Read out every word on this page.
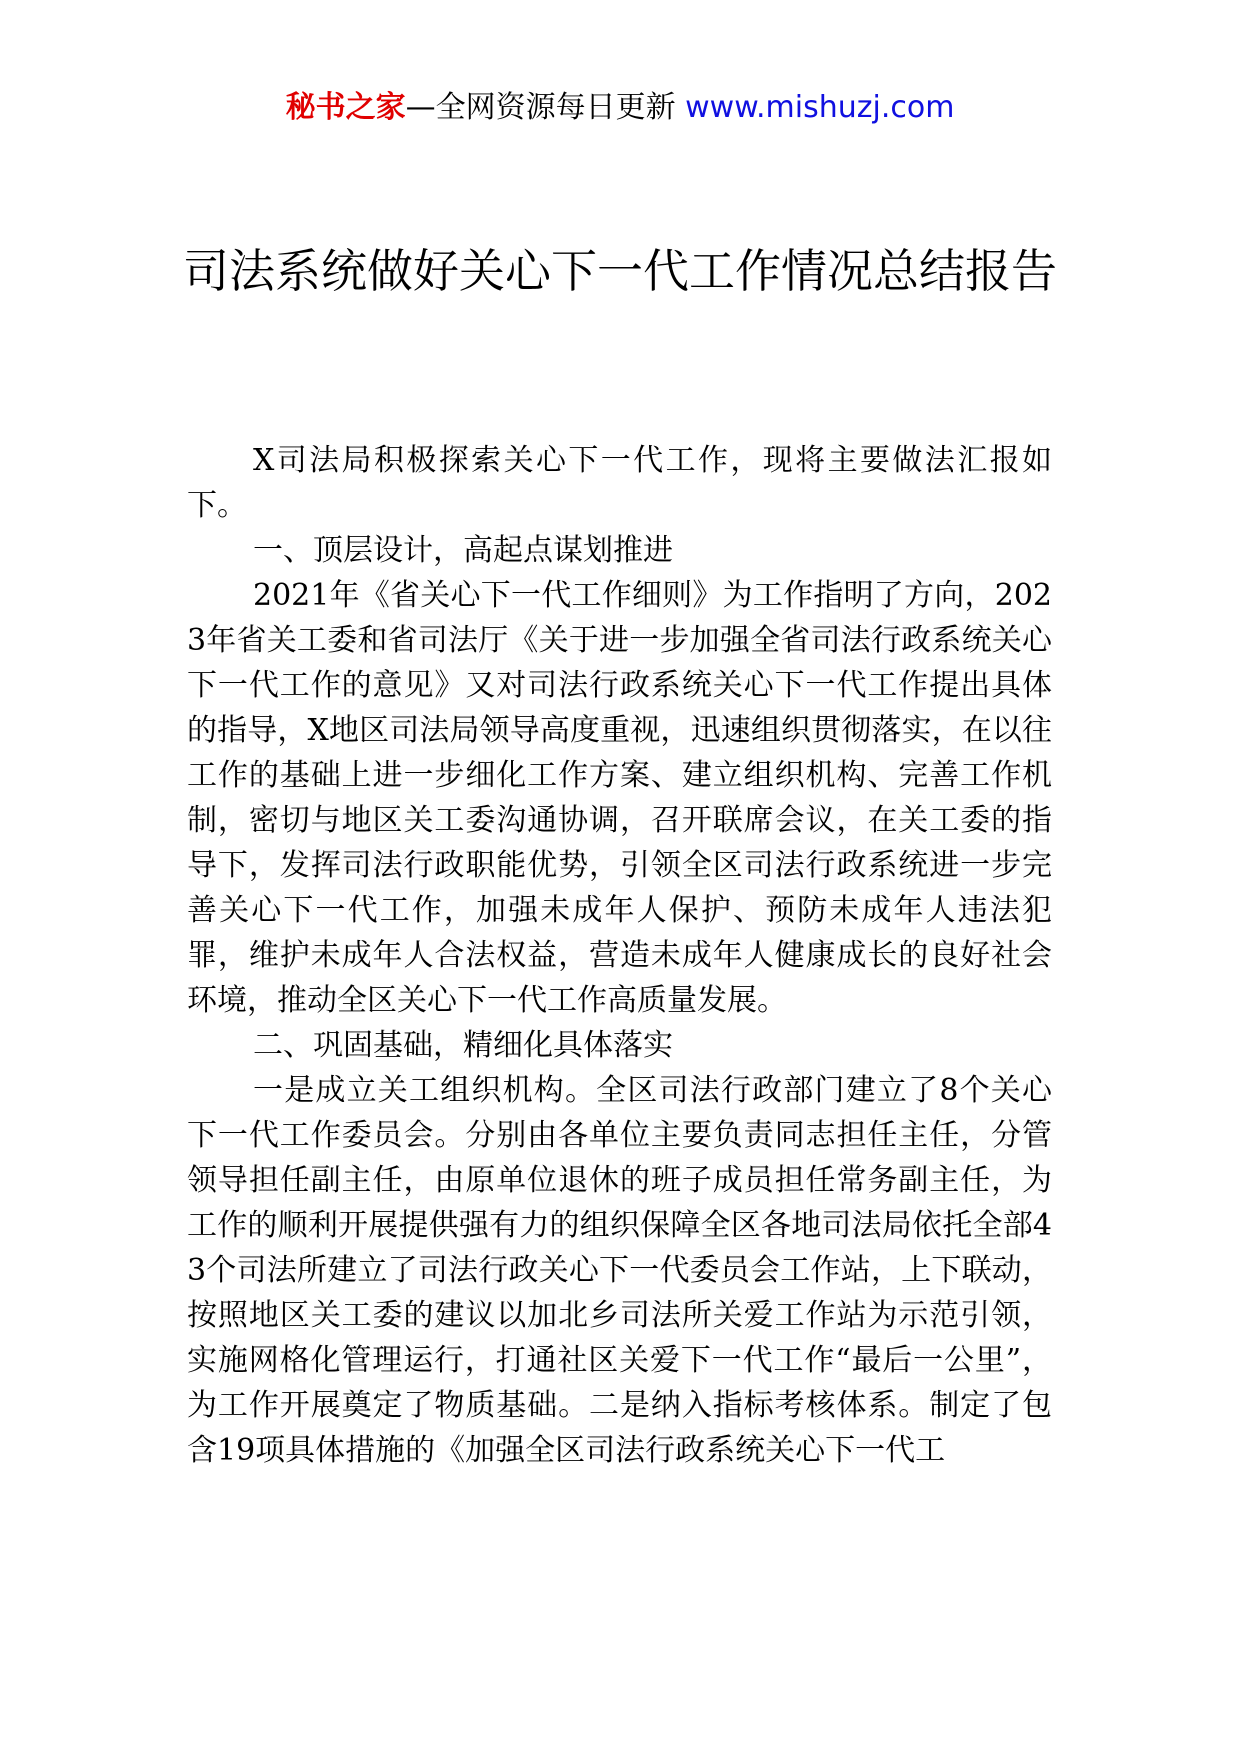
秘书之家—全网资源每日更新 www.mishuzj.com
司法系统做好关心下一代工作情况总结报告

X司法局积极探索关心下一代工作，现将主要做法汇报如下。

一、顶层设计，高起点谋划推进

2021年《省关心下一代工作细则》为工作指明了方向，2023年省关工委和省司法厅《关于进一步加强全省司法行政系统关心下一代工作的意见》又对司法行政系统关心下一代工作提出具体的指导，X地区司法局领导高度重视，迅速组织贯彻落实，在以往工作的基础上进一步细化工作方案、建立组织机构、完善工作机制，密切与地区关工委沟通协调，召开联席会议，在关工委的指导下，发挥司法行政职能优势，引领全区司法行政系统进一步完善关心下一代工作，加强未成年人保护、预防未成年人违法犯罪，维护未成年人合法权益，营造未成年人健康成长的良好社会环境，推动全区关心下一代工作高质量发展。

二、巩固基础，精细化具体落实

一是成立关工组织机构。全区司法行政部门建立了8个关心下一代工作委员会。分别由各单位主要负责同志担任主任，分管领导担任副主任，由原单位退休的班子成员担任常务副主任，为工作的顺利开展提供强有力的组织保障全区各地司法局依托全部43个司法所建立了司法行政关心下一代委员会工作站，上下联动，按照地区关工委的建议以加北乡司法所关爱工作站为示范引领，实施网格化管理运行，打通社区关爱下一代工作“最后一公里”，为工作开展奠定了物质基础。二是纳入指标考核体系。制定了包含19项具体措施的《加强全区司法行政系统关心下一代工
